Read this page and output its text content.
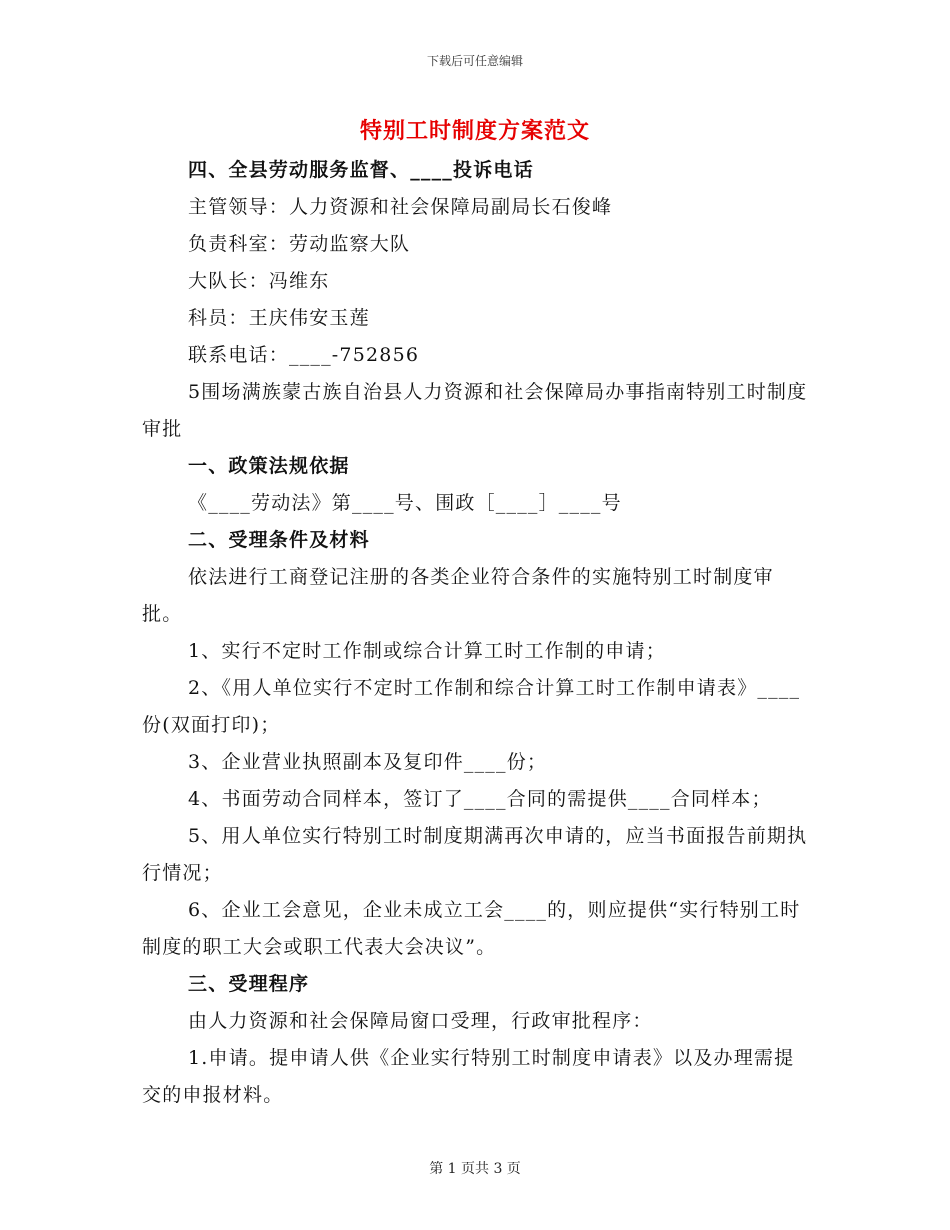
下载后可任意编辑
特别工时制度方案范文

四、全县劳动服务监督、____投诉电话

主管领导：人力资源和社会保障局副局长石俊峰

负责科室：劳动监察大队

大队长：冯维东

科员：王庆伟安玉莲

联系电话：____-752856

5围场满族蒙古族自治县人力资源和社会保障局办事指南特别工时制度审批

一、政策法规依据

《____劳动法》第____号、围政［____］____号

二、受理条件及材料

依法进行工商登记注册的各类企业符合条件的实施特别工时制度审批。

1、实行不定时工作制或综合计算工时工作制的申请；

2、《用人单位实行不定时工作制和综合计算工时工作制申请表》____份(双面打印)；

3、企业营业执照副本及复印件____份；

4、书面劳动合同样本，签订了____合同的需提供____合同样本；

5、用人单位实行特别工时制度期满再次申请的，应当书面报告前期执行情况；

6、企业工会意见，企业未成立工会____的，则应提供“实行特别工时制度的职工大会或职工代表大会决议”。

三、受理程序

由人力资源和社会保障局窗口受理，行政审批程序：

1.申请。提申请人供《企业实行特别工时制度申请表》以及办理需提交的申报材料。

第 1 页共 3 页
